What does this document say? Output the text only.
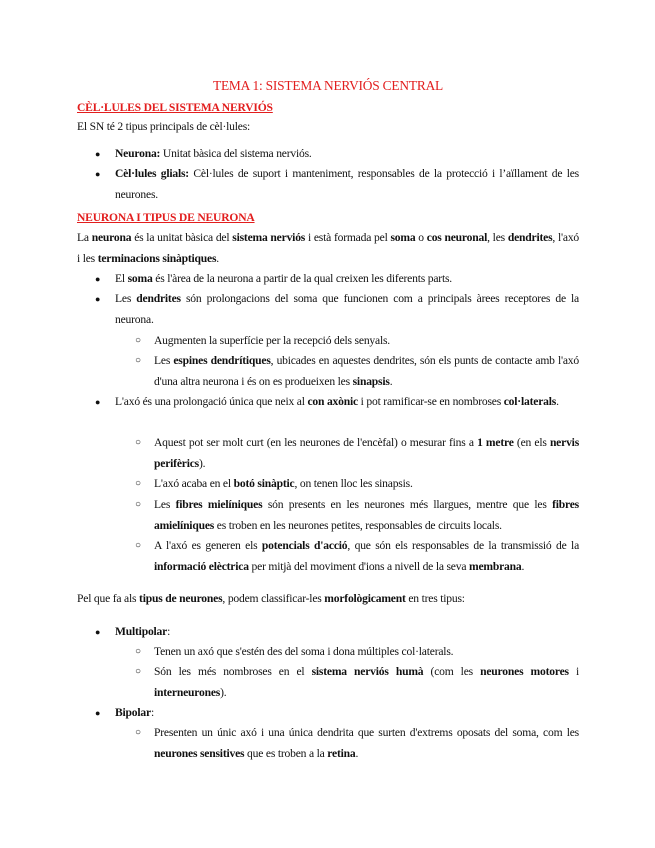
TEMA 1: SISTEMA NERVIÓS CENTRAL
CÈL·LULES DEL SISTEMA NERVIÓS

El SN té 2 tipus principals de cèl·lules:

● Neurona: Unitat bàsica del sistema nerviós.
● Cèl·lules glials: Cèl·lules de suport i manteniment, responsables de la protecció i l’aïllament de les neurones.
NEURONA I TIPUS DE NEURONA

La neurona és la unitat bàsica del sistema nerviós i està formada pel soma o cos neuronal, les dendrites, l'axó i les terminacions sinàptiques.

● El soma és l'àrea de la neurona a partir de la qual creixen les diferents parts.
● Les dendrites són prolongacions del soma que funcionen com a principals àrees receptores de la neurona.
○ Augmenten la superfície per la recepció dels senyals.
○ Les espines dendrítiques, ubicades en aquestes dendrites, són els punts de contacte amb l'axó d'una altra neurona i és on es produeixen les sinapsis.
● L'axó és una prolongació única que neix al con axònic i pot ramificar-se en nombroses col·laterals.
○ Aquest pot ser molt curt (en les neurones de l'encèfal) o mesurar fins a 1 metre (en els nervis perifèrics).
○ L'axó acaba en el botó sinàptic, on tenen lloc les sinapsis.
○ Les fibres mielíniques són presents en les neurones més llargues, mentre que les fibres amielíniques es troben en les neurones petites, responsables de circuits locals.
○ A l'axó es generen els potencials d'acció, que són els responsables de la transmissió de la informació elèctrica per mitjà del moviment d'ions a nivell de la seva membrana.

Pel que fa als tipus de neurones, podem classificar-les morfològicament en tres tipus:

● Multipolar:
○ Tenen un axó que s'estén des del soma i dona múltiples col·laterals.
○ Són les més nombroses en el sistema nerviós humà (com les neurones motores i interneurones).
● Bipolar:
○ Presenten un únic axó i una única dendrita que surten d'extrems oposats del soma, com les neurones sensitives que es troben a la retina.
